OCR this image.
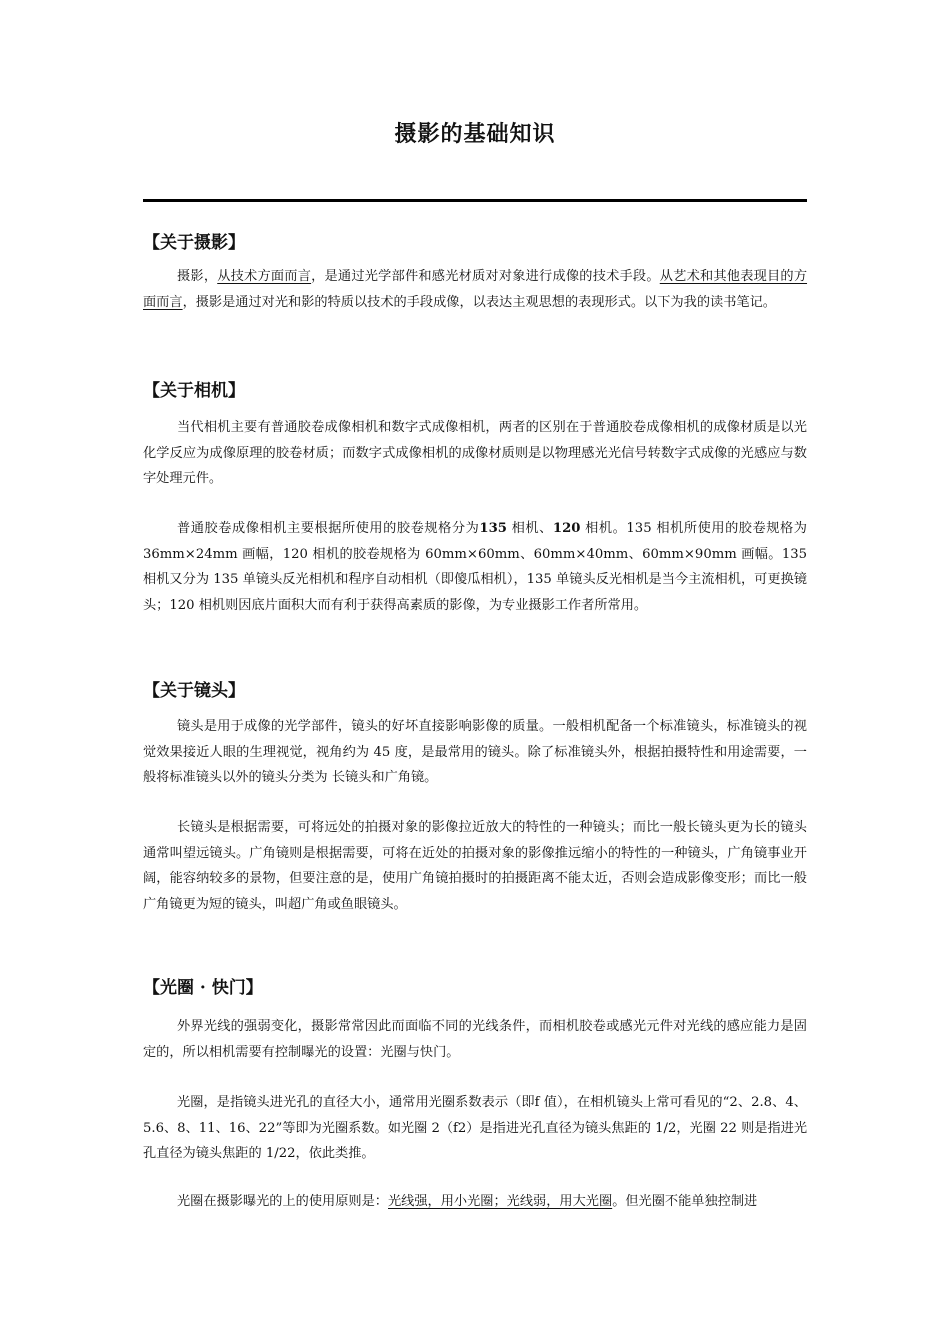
摄影的基础知识
【关于摄影】
摄影，从技术方面而言，是通过光学部件和感光材质对对象进行成像的技术手段。从艺术和其他表现目的方面而言，摄影是通过对光和影的特质以技术的手段成像，以表达主观思想的表现形式。以下为我的读书笔记。
【关于相机】
当代相机主要有普通胶卷成像相机和数字式成像相机，两者的区别在于普通胶卷成像相机的成像材质是以光化学反应为成像原理的胶卷材质；而数字式成像相机的成像材质则是以物理感光光信号转数字式成像的光感应与数字处理元件。
普通胶卷成像相机主要根据所使用的胶卷规格分为135 相机、120 相机。135 相机所使用的胶卷规格为 36mm×24mm 画幅，120 相机的胶卷规格为 60mm×60mm、60mm×40mm、60mm×90mm 画幅。135 相机又分为 135 单镜头反光相机和程序自动相机（即傻瓜相机），135 单镜头反光相机是当今主流相机，可更换镜头；120 相机则因底片面积大而有利于获得高素质的影像，为专业摄影工作者所常用。
【关于镜头】
镜头是用于成像的光学部件，镜头的好坏直接影响影像的质量。一般相机配备一个标准镜头，标准镜头的视觉效果接近人眼的生理视觉，视角约为 45 度，是最常用的镜头。除了标准镜头外，根据拍摄特性和用途需要，一般将标准镜头以外的镜头分类为 长镜头和广角镜。
长镜头是根据需要，可将远处的拍摄对象的影像拉近放大的特性的一种镜头；而比一般长镜头更为长的镜头通常叫望远镜头。广角镜则是根据需要，可将在近处的拍摄对象的影像推远缩小的特性的一种镜头，广角镜事业开阔，能容纳较多的景物，但要注意的是，使用广角镜拍摄时的拍摄距离不能太近，否则会造成影像变形；而比一般广角镜更为短的镜头，叫超广角或鱼眼镜头。
【光圈 · 快门】
外界光线的强弱变化，摄影常常因此而面临不同的光线条件，而相机胶卷或感光元件对光线的感应能力是固定的，所以相机需要有控制曝光的设置：光圈与快门。
光圈，是指镜头进光孔的直径大小，通常用光圈系数表示（即f 值），在相机镜头上常可看见的“2、2.8、4、5.6、8、11、16、22”等即为光圈系数。如光圈 2（f2）是指进光孔直径为镜头焦距的 1/2，光圈 22 则是指进光孔直径为镜头焦距的 1/22，依此类推。
光圈在摄影曝光的上的使用原则是：光线强，用小光圈；光线弱，用大光圈。但光圈不能单独控制进
